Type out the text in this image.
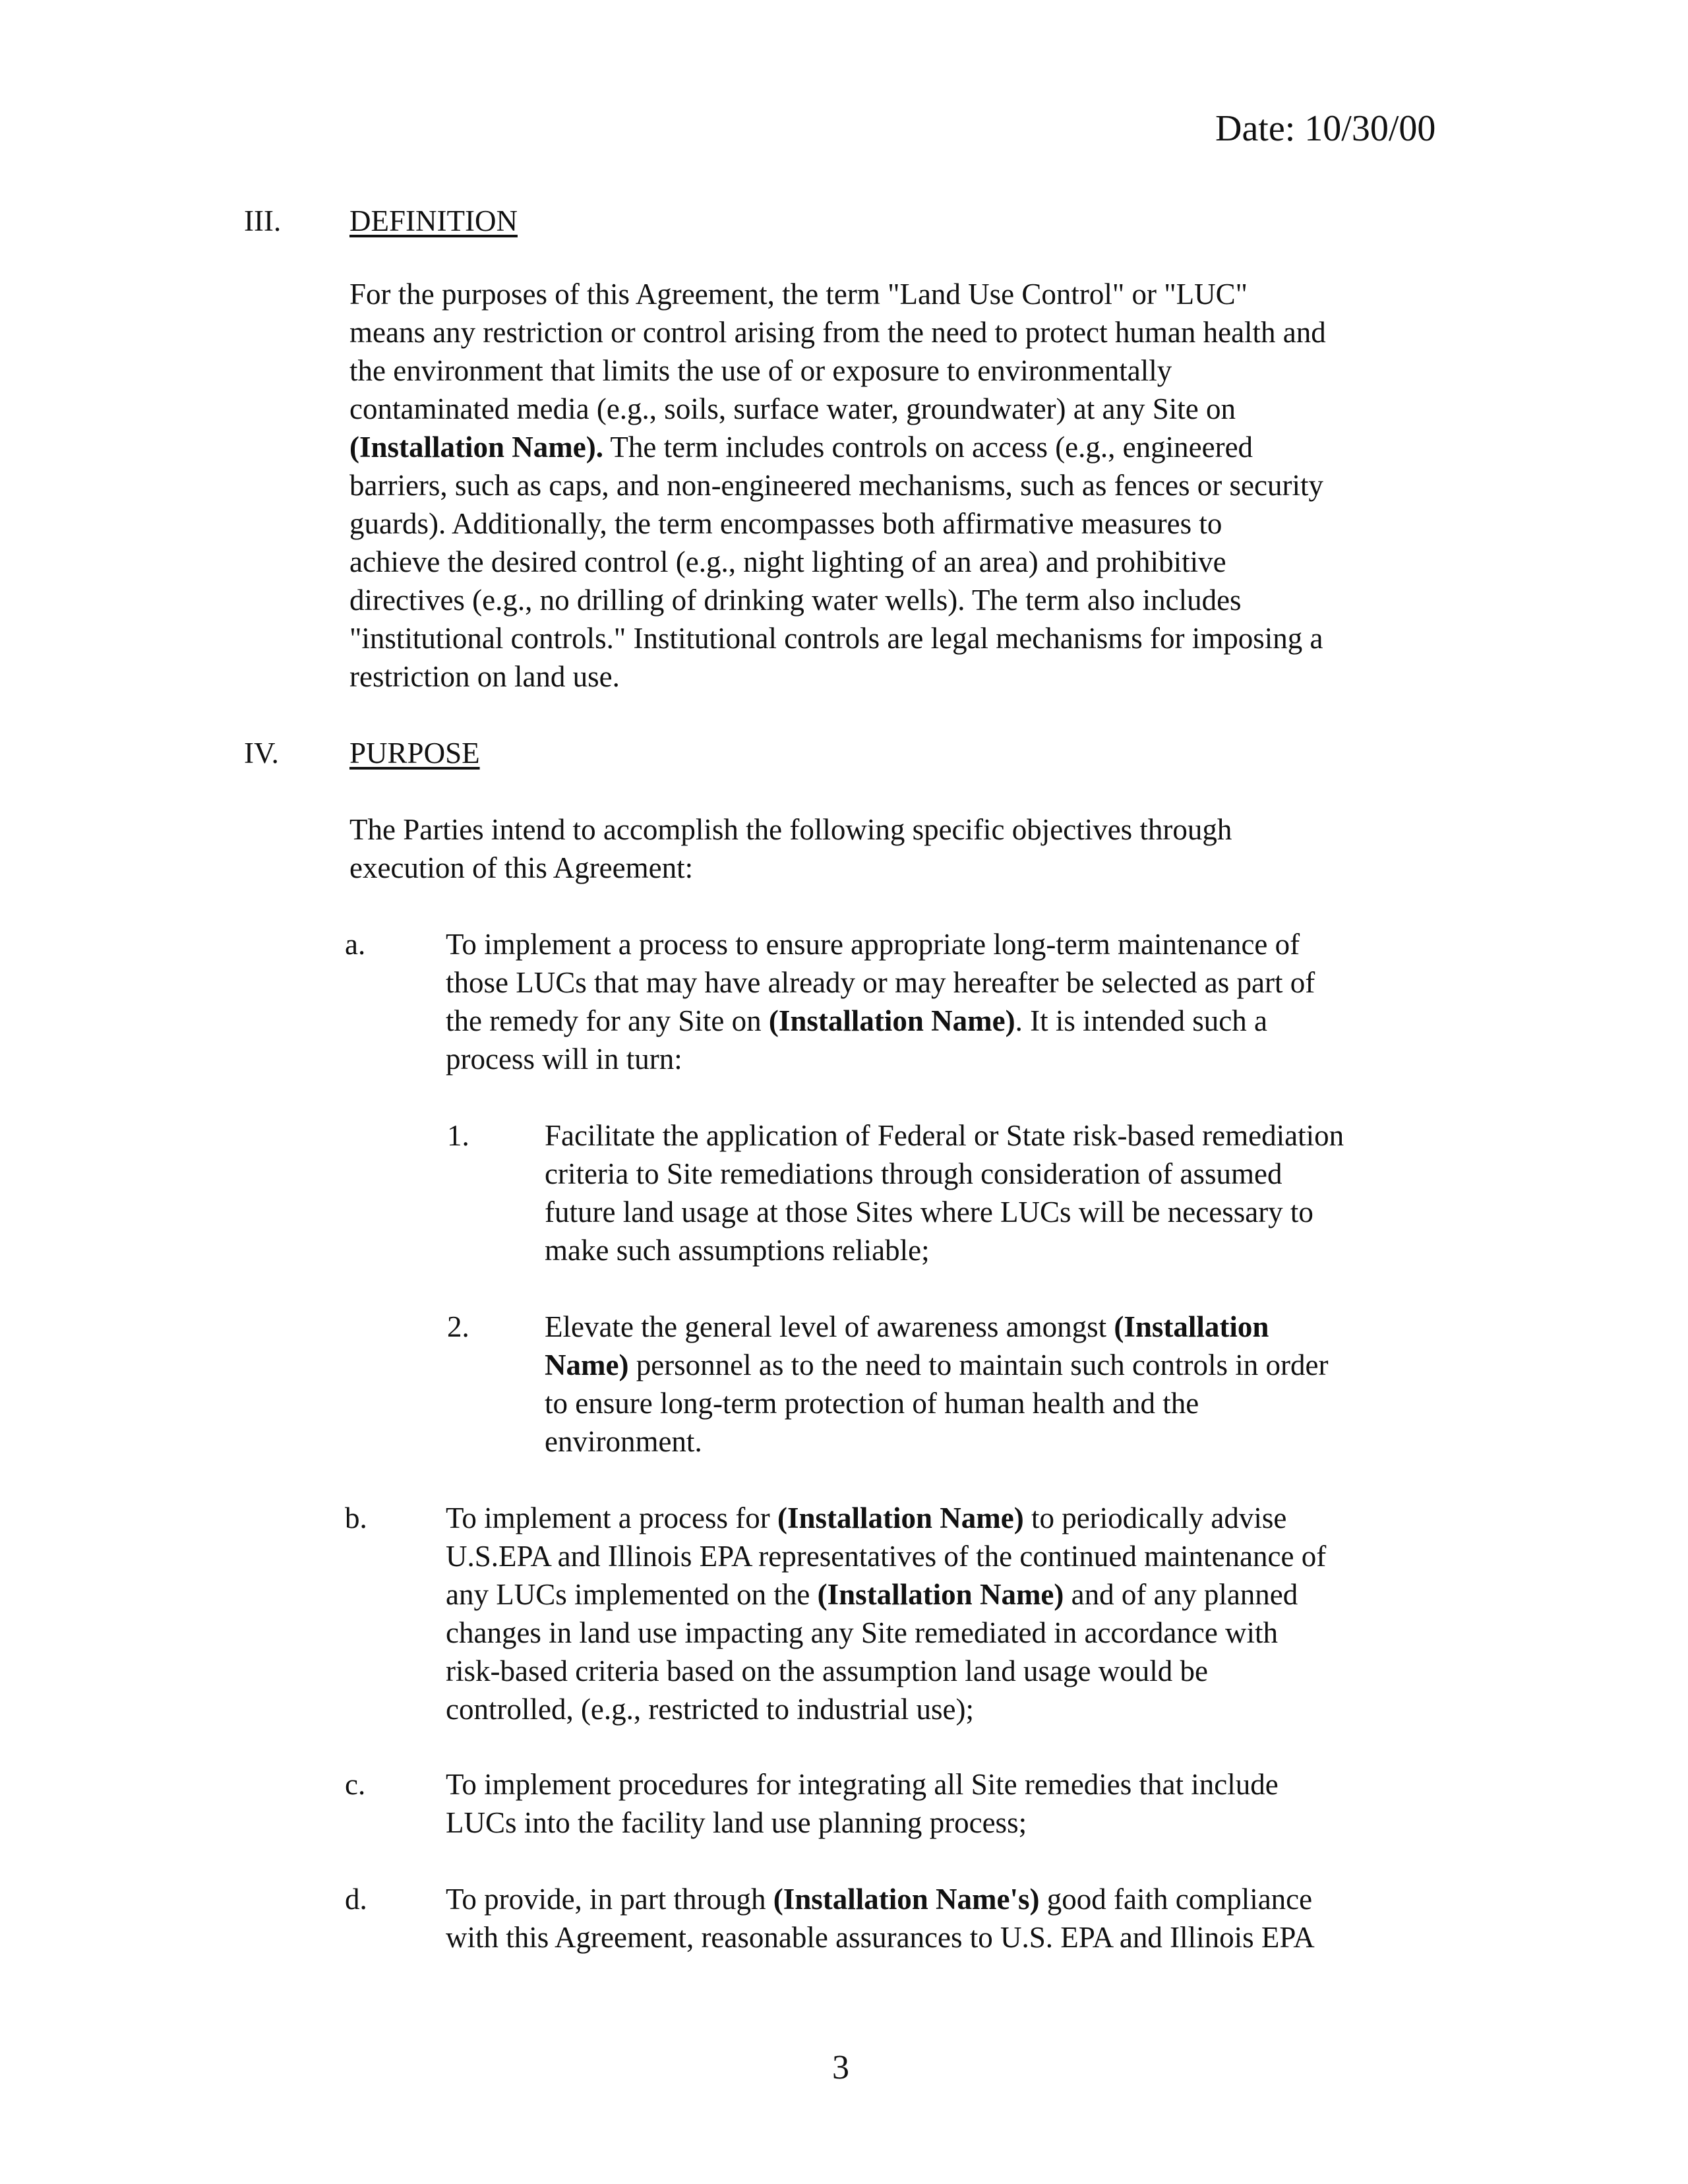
Date: 10/30/00
III. DEFINITION
For the purposes of this Agreement, the term "Land Use Control" or "LUC"
means any restriction or control arising from the need to protect human health and
the environment that limits the use of or exposure to environmentally
contaminated media (e.g., soils, surface water, groundwater) at any Site on
(Installation Name). The term includes controls on access (e.g., engineered
barriers, such as caps, and non-engineered mechanisms, such as fences or security
guards). Additionally, the term encompasses both affirmative measures to
achieve the desired control (e.g., night lighting of an area) and prohibitive
directives (e.g., no drilling of drinking water wells). The term also includes
"institutional controls." Institutional controls are legal mechanisms for imposing a
restriction on land use.
IV. PURPOSE
The Parties intend to accomplish the following specific objectives through
execution of this Agreement:
a.	To implement a process to ensure appropriate long-term maintenance of
those LUCs that may have already or may hereafter be selected as part of
the remedy for any Site on (Installation Name). It is intended such a
process will in turn:
1.	Facilitate the application of Federal or State risk-based remediation
criteria to Site remediations through consideration of assumed
future land usage at those Sites where LUCs will be necessary to
make such assumptions reliable;
2.	Elevate the general level of awareness amongst (Installation
Name) personnel as to the need to maintain such controls in order
to ensure long-term protection of human health and the
environment.
b.	To implement a process for (Installation Name) to periodically advise
U.S.EPA and Illinois EPA representatives of the continued maintenance of
any LUCs implemented on the (Installation Name) and of any planned
changes in land use impacting any Site remediated in accordance with
risk-based criteria based on the assumption land usage would be
controlled, (e.g., restricted to industrial use);
c.	To implement procedures for integrating all Site remedies that include
LUCs into the facility land use planning process;
d.	To provide, in part through (Installation Name's) good faith compliance
with this Agreement, reasonable assurances to U.S. EPA and Illinois EPA
3
